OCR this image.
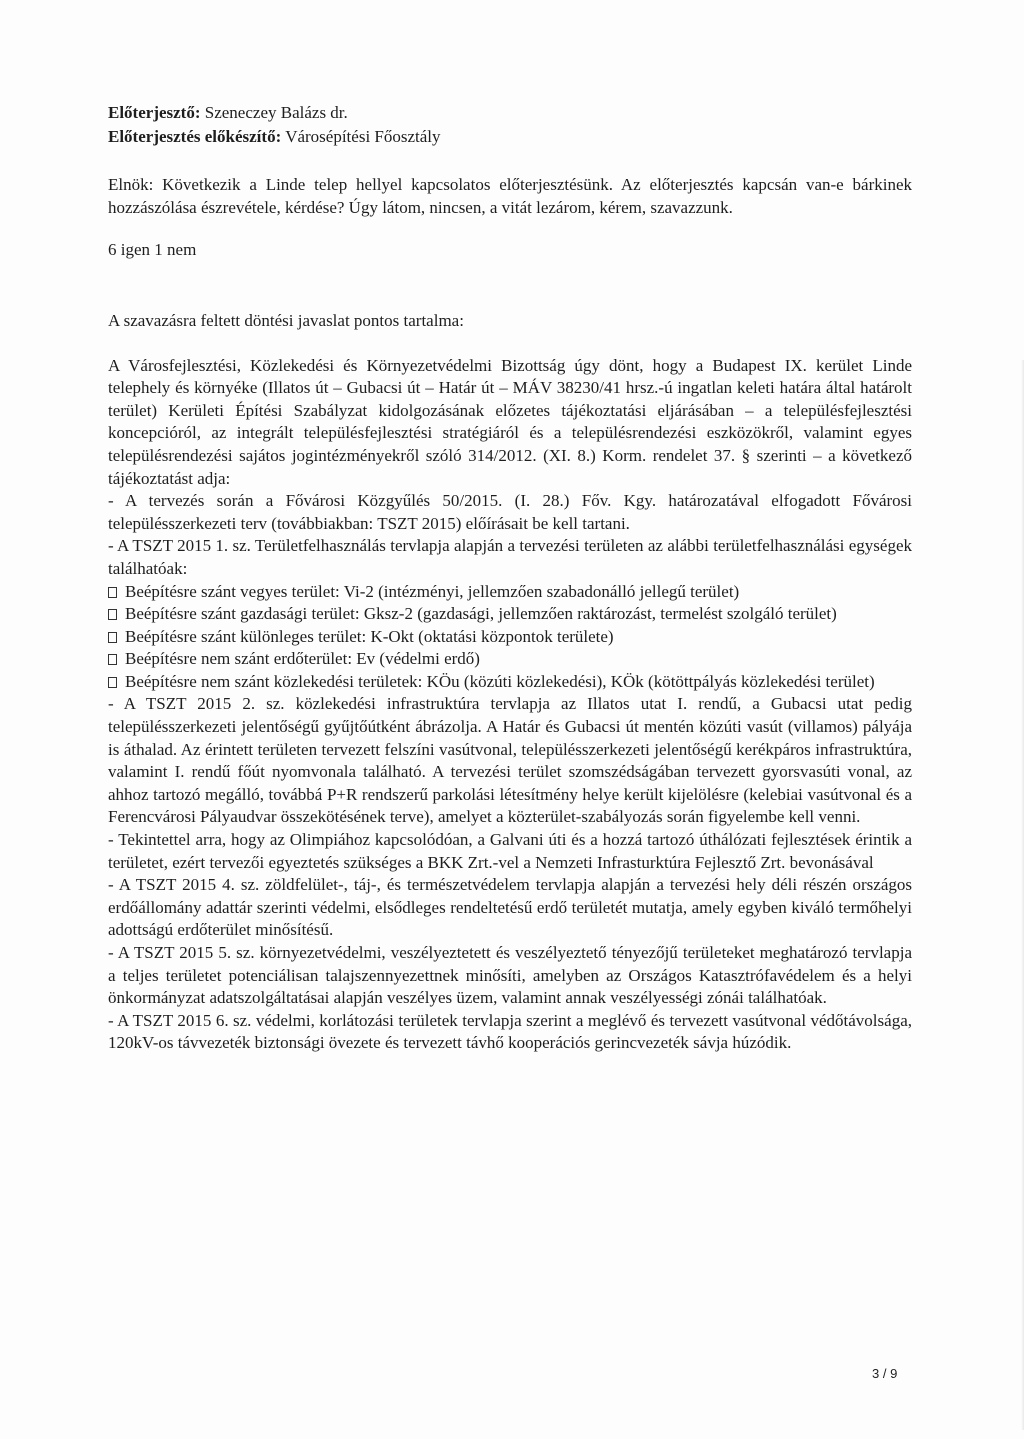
Előterjesztő: Szeneczey Balázs dr.

Előterjesztés előkészítő: Városépítési Főosztály

Elnök: Következik a Linde telep hellyel kapcsolatos előterjesztésünk. Az előterjesztés kapcsán van-e bárkinek hozzászólása észrevétele, kérdése? Úgy látom, nincsen, a vitát lezárom, kérem, szavazzunk.

6 igen 1 nem

A szavazásra feltett döntési javaslat pontos tartalma:

A Városfejlesztési, Közlekedési és Környezetvédelmi Bizottság úgy dönt, hogy a Budapest IX. kerület Linde telephely és környéke (Illatos út – Gubacsi út – Határ út – MÁV 38230/41 hrsz.-ú ingatlan keleti határa által határolt terület) Kerületi Építési Szabályzat kidolgozásának előzetes tájékoztatási eljárásában – a településfejlesztési koncepcióról, az integrált településfejlesztési stratégiáról és a településrendezési eszközökről, valamint egyes településrendezési sajátos jogintézményekről szóló 314/2012. (XI. 8.) Korm. rendelet 37. § szerinti – a következő tájékoztatást adja:

- A tervezés során a Fővárosi Közgyűlés 50/2015. (I. 28.) Főv. Kgy. határozatával elfogadott Fővárosi településszerkezeti terv (továbbiakban: TSZT 2015) előírásait be kell tartani.

- A TSZT 2015 1. sz. Területfelhasználás tervlapja alapján a tervezési területen az alábbi területfelhasználási egységek találhatóak:

Beépítésre szánt vegyes terület: Vi-2 (intézményi, jellemzően szabadonálló jellegű terület)

Beépítésre szánt gazdasági terület: Gksz-2 (gazdasági, jellemzően raktározást, termelést szolgáló terület)

Beépítésre szánt különleges terület: K-Okt (oktatási központok területe)

Beépítésre nem szánt erdőterület: Ev (védelmi erdő)

Beépítésre nem szánt közlekedési területek: KÖu (közúti közlekedési), KÖk (kötöttpályás közlekedési terület)

- A TSZT 2015 2. sz. közlekedési infrastruktúra tervlapja az Illatos utat I. rendű, a Gubacsi utat pedig településszerkezeti jelentőségű gyűjtőútként ábrázolja. A Határ és Gubacsi út mentén közúti vasút (villamos) pályája is áthalad. Az érintett területen tervezett felszíni vasútvonal, településszerkezeti jelentőségű kerékpáros infrastruktúra, valamint I. rendű főút nyomvonala található. A tervezési terület szomszédságában tervezett gyorsvasúti vonal, az ahhoz tartozó megálló, továbbá P+R rendszerű parkolási létesítmény helye került kijelölésre (kelebiai vasútvonal és a Ferencvárosi Pályaudvar összekötésének terve), amelyet a közterület-szabályozás során figyelembe kell venni.

- Tekintettel arra, hogy az Olimpiához kapcsolódóan, a Galvani úti és a hozzá tartozó úthálózati fejlesztések érintik a területet, ezért tervezői egyeztetés szükséges a BKK Zrt.-vel a Nemzeti Infrasturktúra Fejlesztő Zrt. bevonásával

- A TSZT 2015 4. sz. zöldfelület-, táj-, és természetvédelem tervlapja alapján a tervezési hely déli részén országos erdőállomány adattár szerinti védelmi, elsődleges rendeltetésű erdő területét mutatja, amely egyben kiváló termőhelyi adottságú erdőterület minősítésű.

- A TSZT 2015 5. sz. környezetvédelmi, veszélyeztetett és veszélyeztető tényezőjű területeket meghatározó tervlapja a teljes területet potenciálisan talajszennyezettnek minősíti, amelyben az Országos Katasztrófavédelem és a helyi önkormányzat adatszolgáltatásai alapján veszélyes üzem, valamint annak veszélyességi zónái találhatóak.

- A TSZT 2015 6. sz. védelmi, korlátozási területek tervlapja szerint a meglévő és tervezett vasútvonal védőtávolsága, 120kV-os távvezeték biztonsági övezete és tervezett távhő kooperációs gerincvezeték sávja húzódik.

3 / 9
